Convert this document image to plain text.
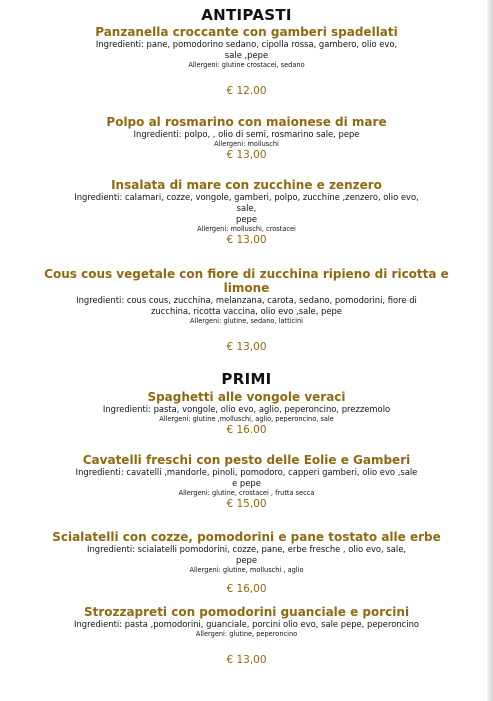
ANTIPASTI
Panzanella croccante con gamberi spadellati
Ingredienti: pane, pomodorino sedano, cipolla rossa, gambero, olio evo,
sale ,pepe
Allergeni: glutine crostacei, sedano
€ 12.00
Polpo al rosmarino con maionese di mare
Ingredienti: polpo, , olio di semi, rosmarino sale, pepe
Allergeni: molluschi
€ 13,00
Insalata di mare con zucchine e zenzero
Ingredienti: calamari, cozze, vongole, gamberi, polpo, zucchine ,zenzero, olio evo,
sale,
pepe
Allergeni: molluschi, crostacei
€ 13,00
Cous cous vegetale con fiore di zucchina ripieno di ricotta e
limone
Ingredienti: cous cous, zucchina, melanzana, carota, sedano, pomodorini, fiore di
zucchina, ricotta vaccina, olio evo ,sale, pepe
Allergeni: glutine, sedano, latticini
€ 13,00
PRIMI
Spaghetti alle vongole veraci
Ingredienti: pasta, vongole, olio evo, aglio, peperoncino, prezzemolo
Allergeni: glutine ,molluschi, aglio, peperoncino, sale
€ 16.00
Cavatelli freschi con pesto delle Eolie e Gamberi
Ingredienti: cavatelli ,mandorle, pinoli, pomodoro, capperi gamberi, olio evo ,sale
e pepe
Allergeni: glutine, crostacei , frutta secca
€ 15,00
Scialatelli con cozze, pomodorini e pane tostato alle erbe
Ingredienti: scialatelli pomodorini, cozze, pane, erbe fresche , olio evo, sale,
pepe
Allergeni: glutine, molluschi , aglio
€ 16,00
Strozzapreti con pomodorini guanciale e porcini
Ingredienti: pasta ,pomodorini, guanciale, porcini olio evo, sale pepe, peperoncino
Allergeni: glutine, peperoncino
€ 13,00
